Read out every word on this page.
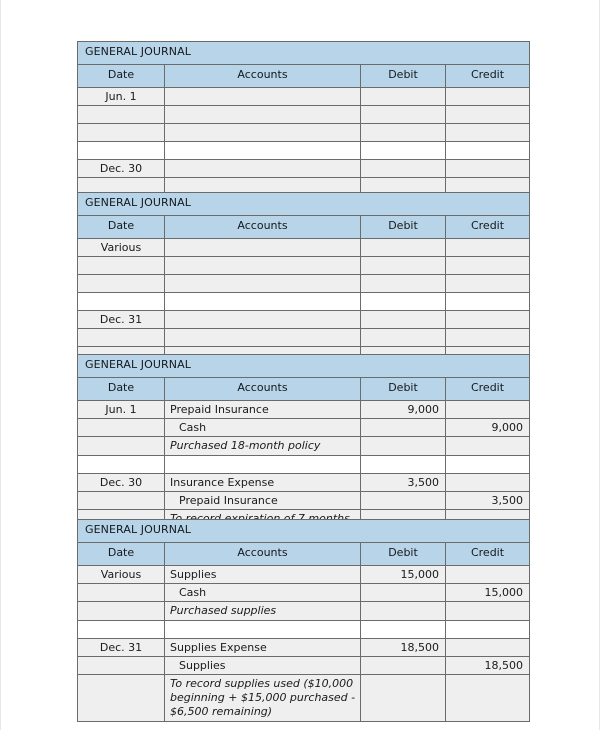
GENERAL JOURNAL			
Date	Accounts	Debit	Credit
Jun. 1			

Dec. 30			

GENERAL JOURNAL			
Date	Accounts	Debit	Credit
Various			

Dec. 31			

GENERAL JOURNAL			
Date	Accounts	Debit	Credit
Jun. 1	Prepaid Insurance	9,000	
	Cash		9,000
	Purchased 18-month policy		

Dec. 30	Insurance Expense	3,500	
	Prepaid Insurance		3,500

GENERAL JOURNAL			
Date	Accounts	Debit	Credit
Various	Supplies	15,000	
	Cash		15,000
	Purchased supplies		

Dec. 31	Supplies Expense	18,500	
	Supplies		18,500
	To record supplies used ($10,000 beginning + $15,000 purchased - $6,500 remaining)		
